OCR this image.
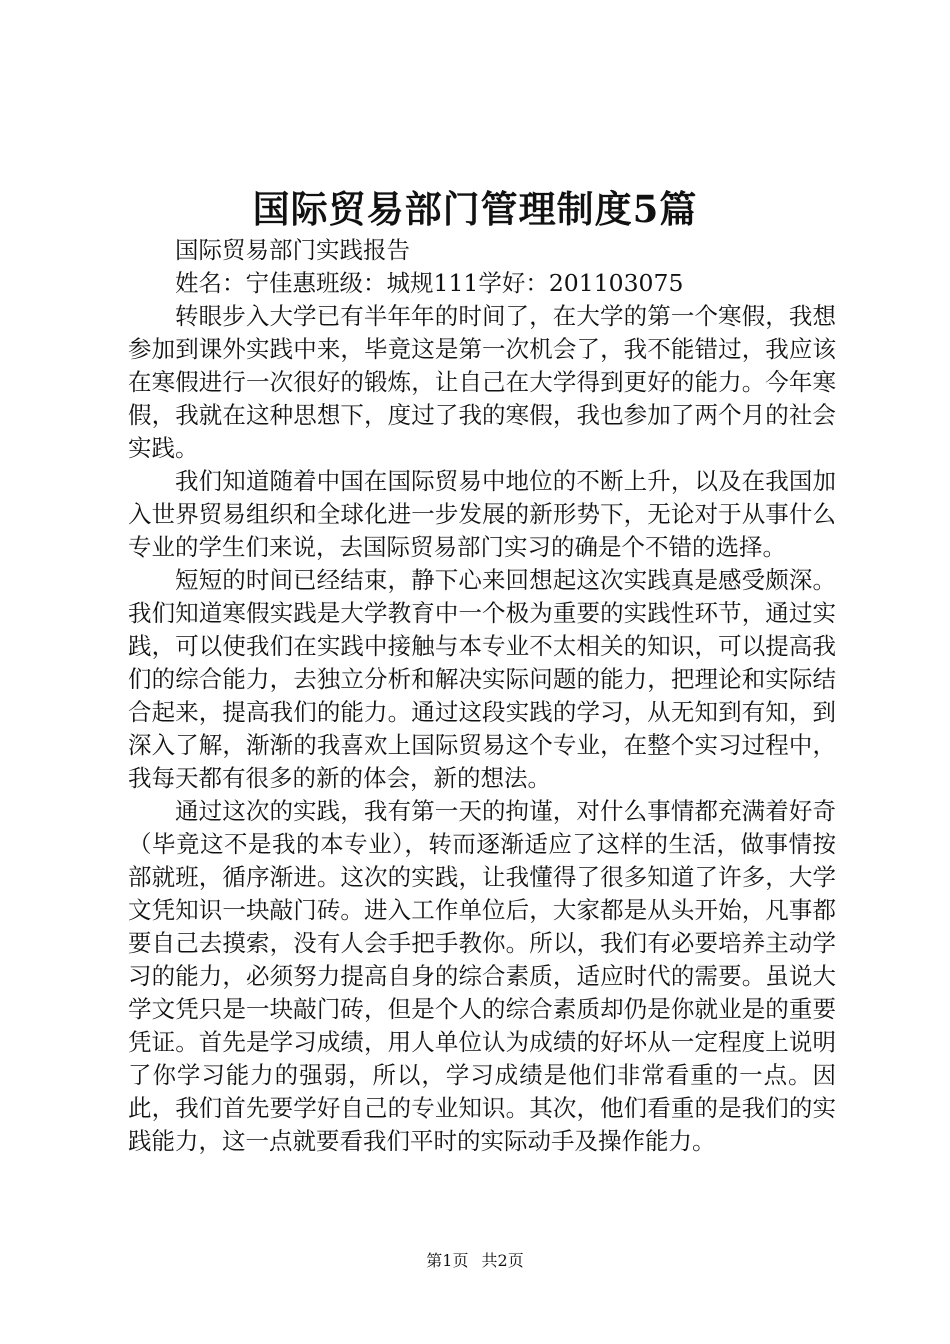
国际贸易部门管理制度5篇

国际贸易部门实践报告

姓名：宁佳惠班级：城规111学好：201103075

转眼步入大学已有半年年的时间了，在大学的第一个寒假，我想参加到课外实践中来，毕竟这是第一次机会了，我不能错过，我应该在寒假进行一次很好的锻炼，让自己在大学得到更好的能力。今年寒假，我就在这种思想下，度过了我的寒假，我也参加了两个月的社会实践。

我们知道随着中国在国际贸易中地位的不断上升，以及在我国加入世界贸易组织和全球化进一步发展的新形势下，无论对于从事什么专业的学生们来说，去国际贸易部门实习的确是个不错的选择。

短短的时间已经结束，静下心来回想起这次实践真是感受颇深。我们知道寒假实践是大学教育中一个极为重要的实践性环节，通过实践，可以使我们在实践中接触与本专业不太相关的知识，可以提高我们的综合能力，去独立分析和解决实际问题的能力，把理论和实际结合起来，提高我们的能力。通过这段实践的学习，从无知到有知，到深入了解，渐渐的我喜欢上国际贸易这个专业，在整个实习过程中，我每天都有很多的新的体会，新的想法。

通过这次的实践，我有第一天的拘谨，对什么事情都充满着好奇（毕竟这不是我的本专业），转而逐渐适应了这样的生活，做事情按部就班，循序渐进。这次的实践，让我懂得了很多知道了许多，大学文凭知识一块敲门砖。进入工作单位后，大家都是从头开始，凡事都要自己去摸索，没有人会手把手教你。所以，我们有必要培养主动学习的能力，必须努力提高自身的综合素质，适应时代的需要。虽说大学文凭只是一块敲门砖，但是个人的综合素质却仍是你就业是的重要凭证。首先是学习成绩，用人单位认为成绩的好坏从一定程度上说明了你学习能力的强弱，所以，学习成绩是他们非常看重的一点。因此，我们首先要学好自己的专业知识。其次，他们看重的是我们的实践能力，这一点就要看我们平时的实际动手及操作能力。

第1页 共2页
